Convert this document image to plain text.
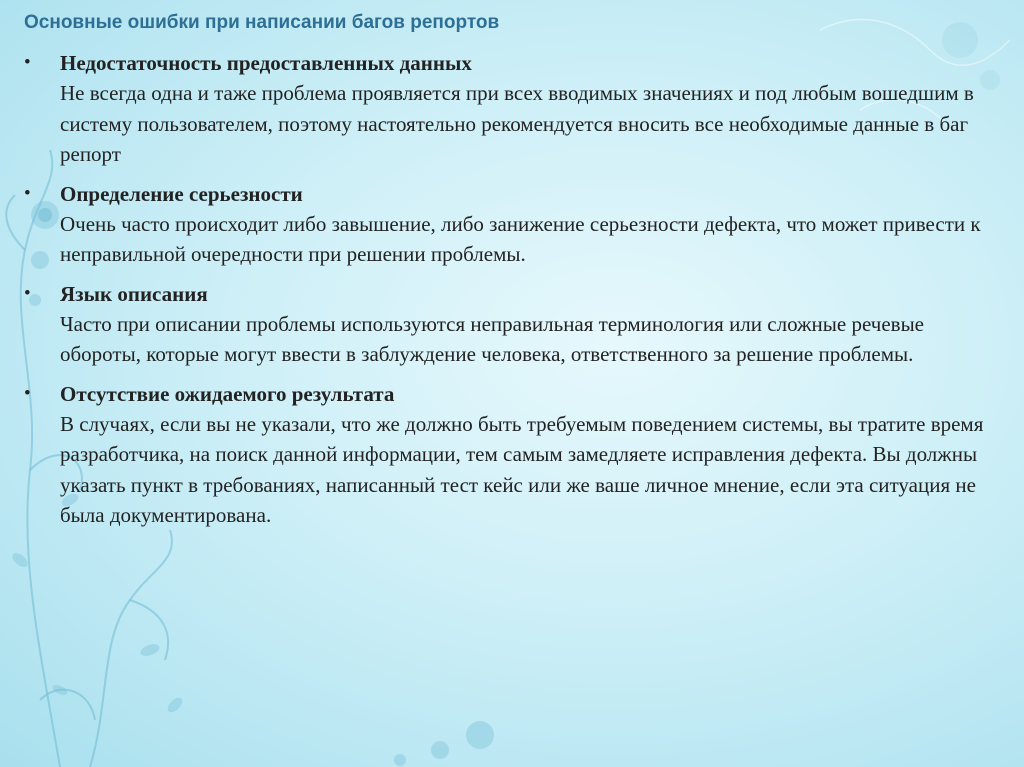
Основные ошибки при написании багов репортов
•	Недостаточность предоставленных данных
Не всегда одна и таже проблема проявляется при всех вводимых значениях и под любым вошедшим в систему пользователем, поэтому настоятельно рекомендуется вносить все необходимые данные в баг репорт
•	Определение серьезности
Очень часто происходит либо завышение, либо занижение серьезности дефекта, что может привести к неправильной очередности при решении проблемы.
•	Язык описания
Часто при описании проблемы используются неправильная терминология или сложные речевые обороты, которые могут ввести в заблуждение человека, ответственного за решение проблемы.
•	Отсутствие ожидаемого результата
В случаях, если вы не указали, что же должно быть требуемым поведением системы, вы тратите время разработчика, на поиск данной информации, тем самым замедляете исправления дефекта. Вы должны указать пункт в требованиях, написанный тест кейс или же ваше личное мнение, если эта ситуация не была документирована.
